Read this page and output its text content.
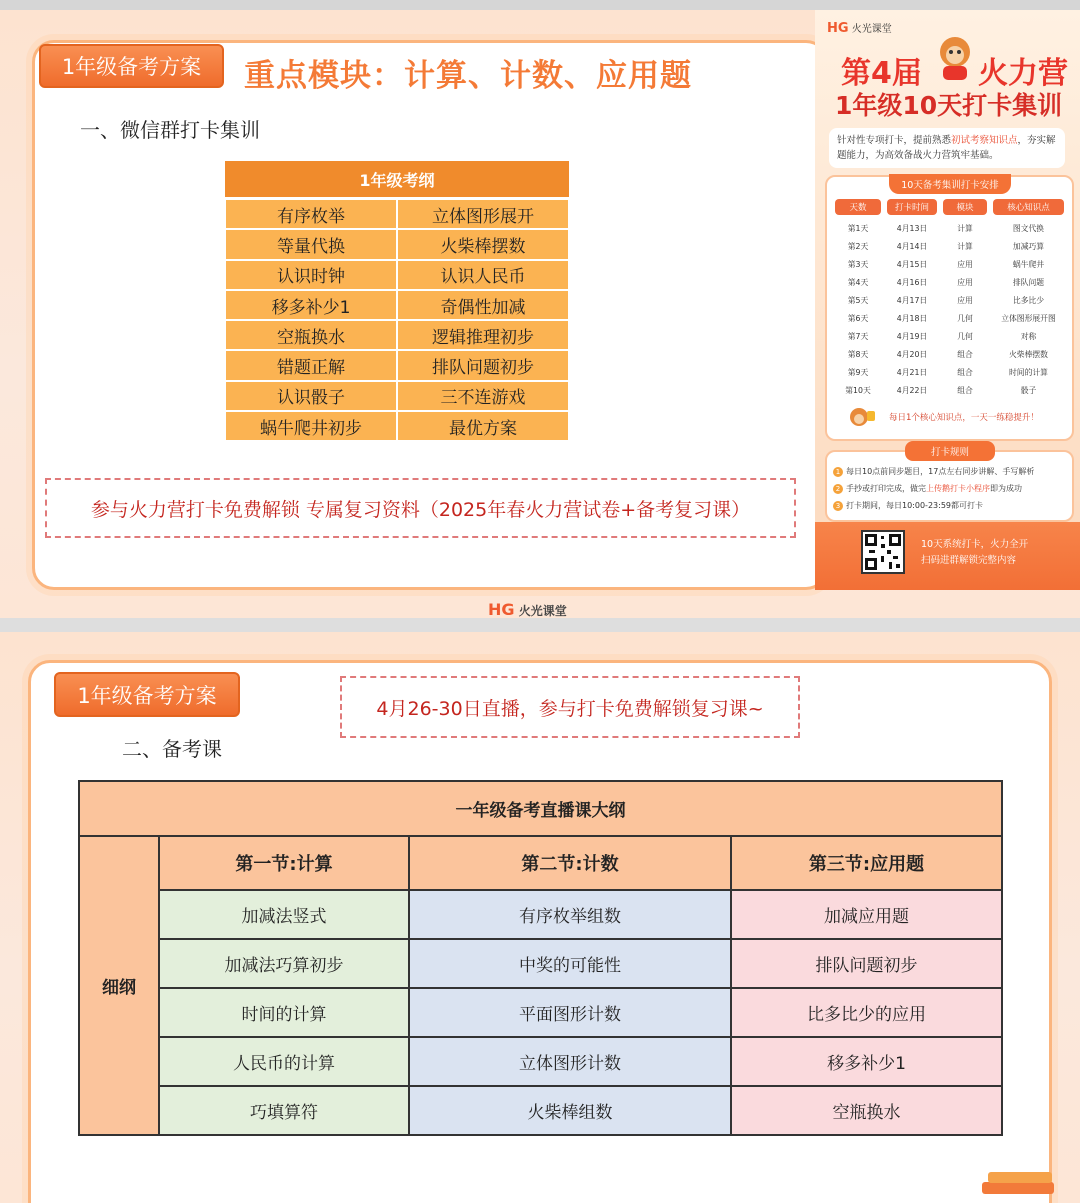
1年级备考方案	重点模块：计算、计数、应用题
一、微信群打卡集训
1年级考纲	
有序枚举	立体图形展开
等量代换	火柴棒摆数
认识时钟	认识人民币
移多补少1	奇偶性加减
空瓶换水	逻辑推理初步
错题正解	排队问题初步
认识骰子	三不连游戏
蜗牛爬井初步	最优方案
参与火力营打卡免费解锁 专属复习资料（2025年春火力营试卷+备考复习课）
HG 火光课堂
第4届 火力营
1年级10天打卡集训
针对性专项打卡，提前熟悉初试考察知识点，夯实解题能力，为高效备战火力营筑牢基础。
10天备考集训打卡安排
天数	打卡时间	模块	核心知识点
第1天	4月13日	计算	图文代换
第2天	4月14日	计算	加减巧算
第3天	4月15日	应用	蜗牛爬井
第4天	4月16日	应用	排队问题
第5天	4月17日	应用	比多比少
第6天	4月18日	几何	立体图形展开图
第7天	4月19日	几何	对称
第8天	4月20日	组合	火柴棒摆数
第9天	4月21日	组合	时间的计算
第10天	4月22日	组合	骰子
每日1个核心知识点，一天一练稳提升！
打卡规则
1 每日10点前同步题目，17点左右同步讲解、手写解析
2 手抄或打印完成，做完上传鹅打卡小程序即为成功
3 打卡期间，每日10:00-23:59都可打卡
10天系统打卡，火力全开
扫码进群解锁完整内容
HG 火光课堂
1年级备考方案
4月26-30日直播，参与打卡免费解锁复习课~
二、备考课
一年级备考直播课大纲			
细纲	第一节:计算	第二节:计数	第三节:应用题
	加减法竖式	有序枚举组数	加减应用题
	加减法巧算初步	中奖的可能性	排队问题初步
	时间的计算	平面图形计数	比多比少的应用
	人民币的计算	立体图形计数	移多补少1
	巧填算符	火柴棒组数	空瓶换水
